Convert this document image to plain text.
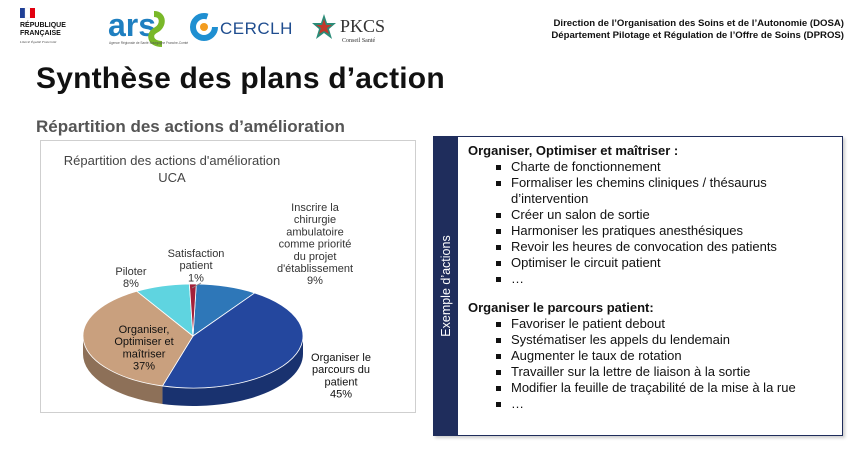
RÉPUBLIQUE
FRANÇAISE
Liberté Égalité Fraternité ars
Agence Régionale de Santé Bourgogne Franche-Comté
CERCLH	PKCS
Conseil Santé
Direction de l’Organisation des Soins et de l’Autonomie (DOSA)
Département Pilotage et Régulation de l’Offre de Soins (DPROS)
Synthèse des plans d’action
Répartition des actions d’amélioration
Répartition des actions d'amélioration
UCA
Inscrire la chirurgie ambulatoire comme priorité du projet d'établissement 9%
Organiser le parcours du patient 45%
Organiser, Optimiser et maîtriser 37%
Piloter 8%
Satisfaction patient 1%	Exemple d’actions

Organiser, Optimiser et maîtriser :

Charte de fonctionnement
Formaliser les chemins cliniques / thésaurus d’intervention
Créer un salon de sortie
Harmoniser les pratiques anesthésiques
Revoir les heures de convocation des patients
Optimiser le circuit patient
…

Organiser le parcours patient:

Favoriser le patient debout
Systématiser les appels du lendemain
Augmenter le taux de rotation
Travailler sur la lettre de liaison à la sortie
Modifier la feuille de traçabilité de la mise à la rue
…
